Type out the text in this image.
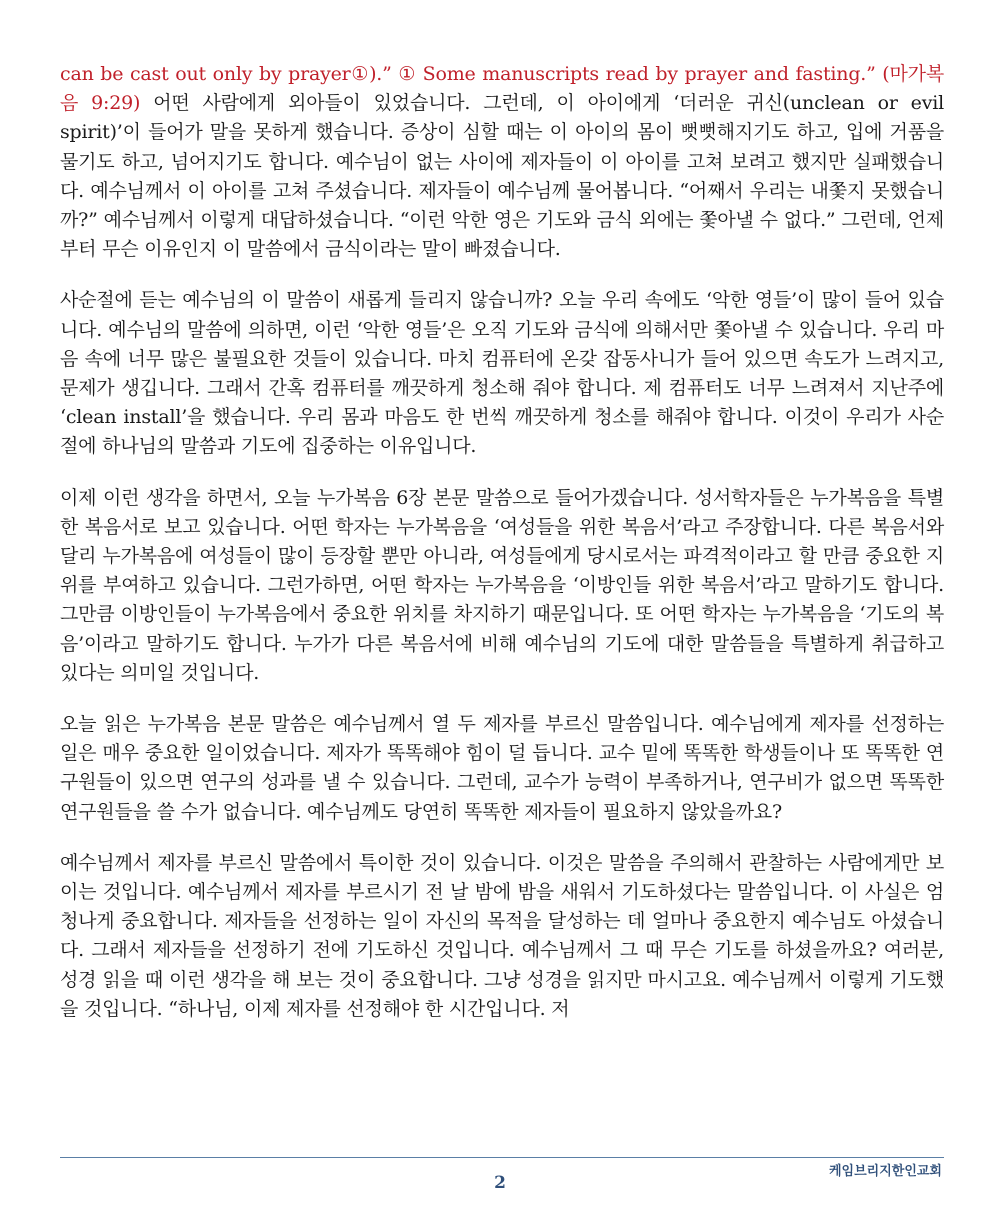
can be cast out only by prayer①).” ① Some manuscripts read by prayer and fasting.” (마가복음 9:29) 어떤 사람에게 외아들이 있었습니다. 그런데, 이 아이에게 ‘더러운 귀신(unclean or evil spirit)’이 들어가 말을 못하게 했습니다. 증상이 심할 때는 이 아이의 몸이 뻣뻣해지기도 하고, 입에 거품을 물기도 하고, 넘어지기도 합니다. 예수님이 없는 사이에 제자들이 이 아이를 고쳐 보려고 했지만 실패했습니다. 예수님께서 이 아이를 고쳐 주셨습니다. 제자들이 예수님께 물어봅니다. “어째서 우리는 내쫓지 못했습니까?” 예수님께서 이렇게 대답하셨습니다. “이런 악한 영은 기도와 금식 외에는 쫓아낼 수 없다.” 그런데, 언제부터 무슨 이유인지 이 말씀에서 금식이라는 말이 빠졌습니다.

사순절에 듣는 예수님의 이 말씀이 새롭게 들리지 않습니까? 오늘 우리 속에도 ‘악한 영들’이 많이 들어 있습니다. 예수님의 말씀에 의하면, 이런 ‘악한 영들’은 오직 기도와 금식에 의해서만 쫓아낼 수 있습니다. 우리 마음 속에 너무 많은 불필요한 것들이 있습니다. 마치 컴퓨터에 온갖 잡동사니가 들어 있으면 속도가 느려지고, 문제가 생깁니다. 그래서 간혹 컴퓨터를 깨끗하게 청소해 줘야 합니다. 제 컴퓨터도 너무 느려져서 지난주에 ‘clean install’을 했습니다. 우리 몸과 마음도 한 번씩 깨끗하게 청소를 해줘야 합니다. 이것이 우리가 사순절에 하나님의 말씀과 기도에 집중하는 이유입니다.

이제 이런 생각을 하면서, 오늘 누가복음 6장 본문 말씀으로 들어가겠습니다. 성서학자들은 누가복음을 특별한 복음서로 보고 있습니다. 어떤 학자는 누가복음을 ‘여성들을 위한 복음서’라고 주장합니다. 다른 복음서와 달리 누가복음에 여성들이 많이 등장할 뿐만 아니라, 여성들에게 당시로서는 파격적이라고 할 만큼 중요한 지위를 부여하고 있습니다. 그런가하면, 어떤 학자는 누가복음을 ‘이방인들 위한 복음서’라고 말하기도 합니다. 그만큼 이방인들이 누가복음에서 중요한 위치를 차지하기 때문입니다. 또 어떤 학자는 누가복음을 ‘기도의 복음’이라고 말하기도 합니다. 누가가 다른 복음서에 비해 예수님의 기도에 대한 말씀들을 특별하게 취급하고 있다는 의미일 것입니다.

오늘 읽은 누가복음 본문 말씀은 예수님께서 열 두 제자를 부르신 말씀입니다. 예수님에게 제자를 선정하는 일은 매우 중요한 일이었습니다. 제자가 똑똑해야 힘이 덜 듭니다. 교수 밑에 똑똑한 학생들이나 또 똑똑한 연구원들이 있으면 연구의 성과를 낼 수 있습니다. 그런데, 교수가 능력이 부족하거나, 연구비가 없으면 똑똑한 연구원들을 쓸 수가 없습니다. 예수님께도 당연히 똑똑한 제자들이 필요하지 않았을까요?

예수님께서 제자를 부르신 말씀에서 특이한 것이 있습니다. 이것은 말씀을 주의해서 관찰하는 사람에게만 보이는 것입니다. 예수님께서 제자를 부르시기 전 날 밤에 밤을 새워서 기도하셨다는 말씀입니다. 이 사실은 엄청나게 중요합니다. 제자들을 선정하는 일이 자신의 목적을 달성하는 데 얼마나 중요한지 예수님도 아셨습니다. 그래서 제자들을 선정하기 전에 기도하신 것입니다. 예수님께서 그 때 무슨 기도를 하셨을까요? 여러분, 성경 읽을 때 이런 생각을 해 보는 것이 중요합니다. 그냥 성경을 읽지만 마시고요. 예수님께서 이렇게 기도했을 것입니다. “하나님, 이제 제자를 선정해야 한 시간입니다. 저

케임브리지한인교회
2
